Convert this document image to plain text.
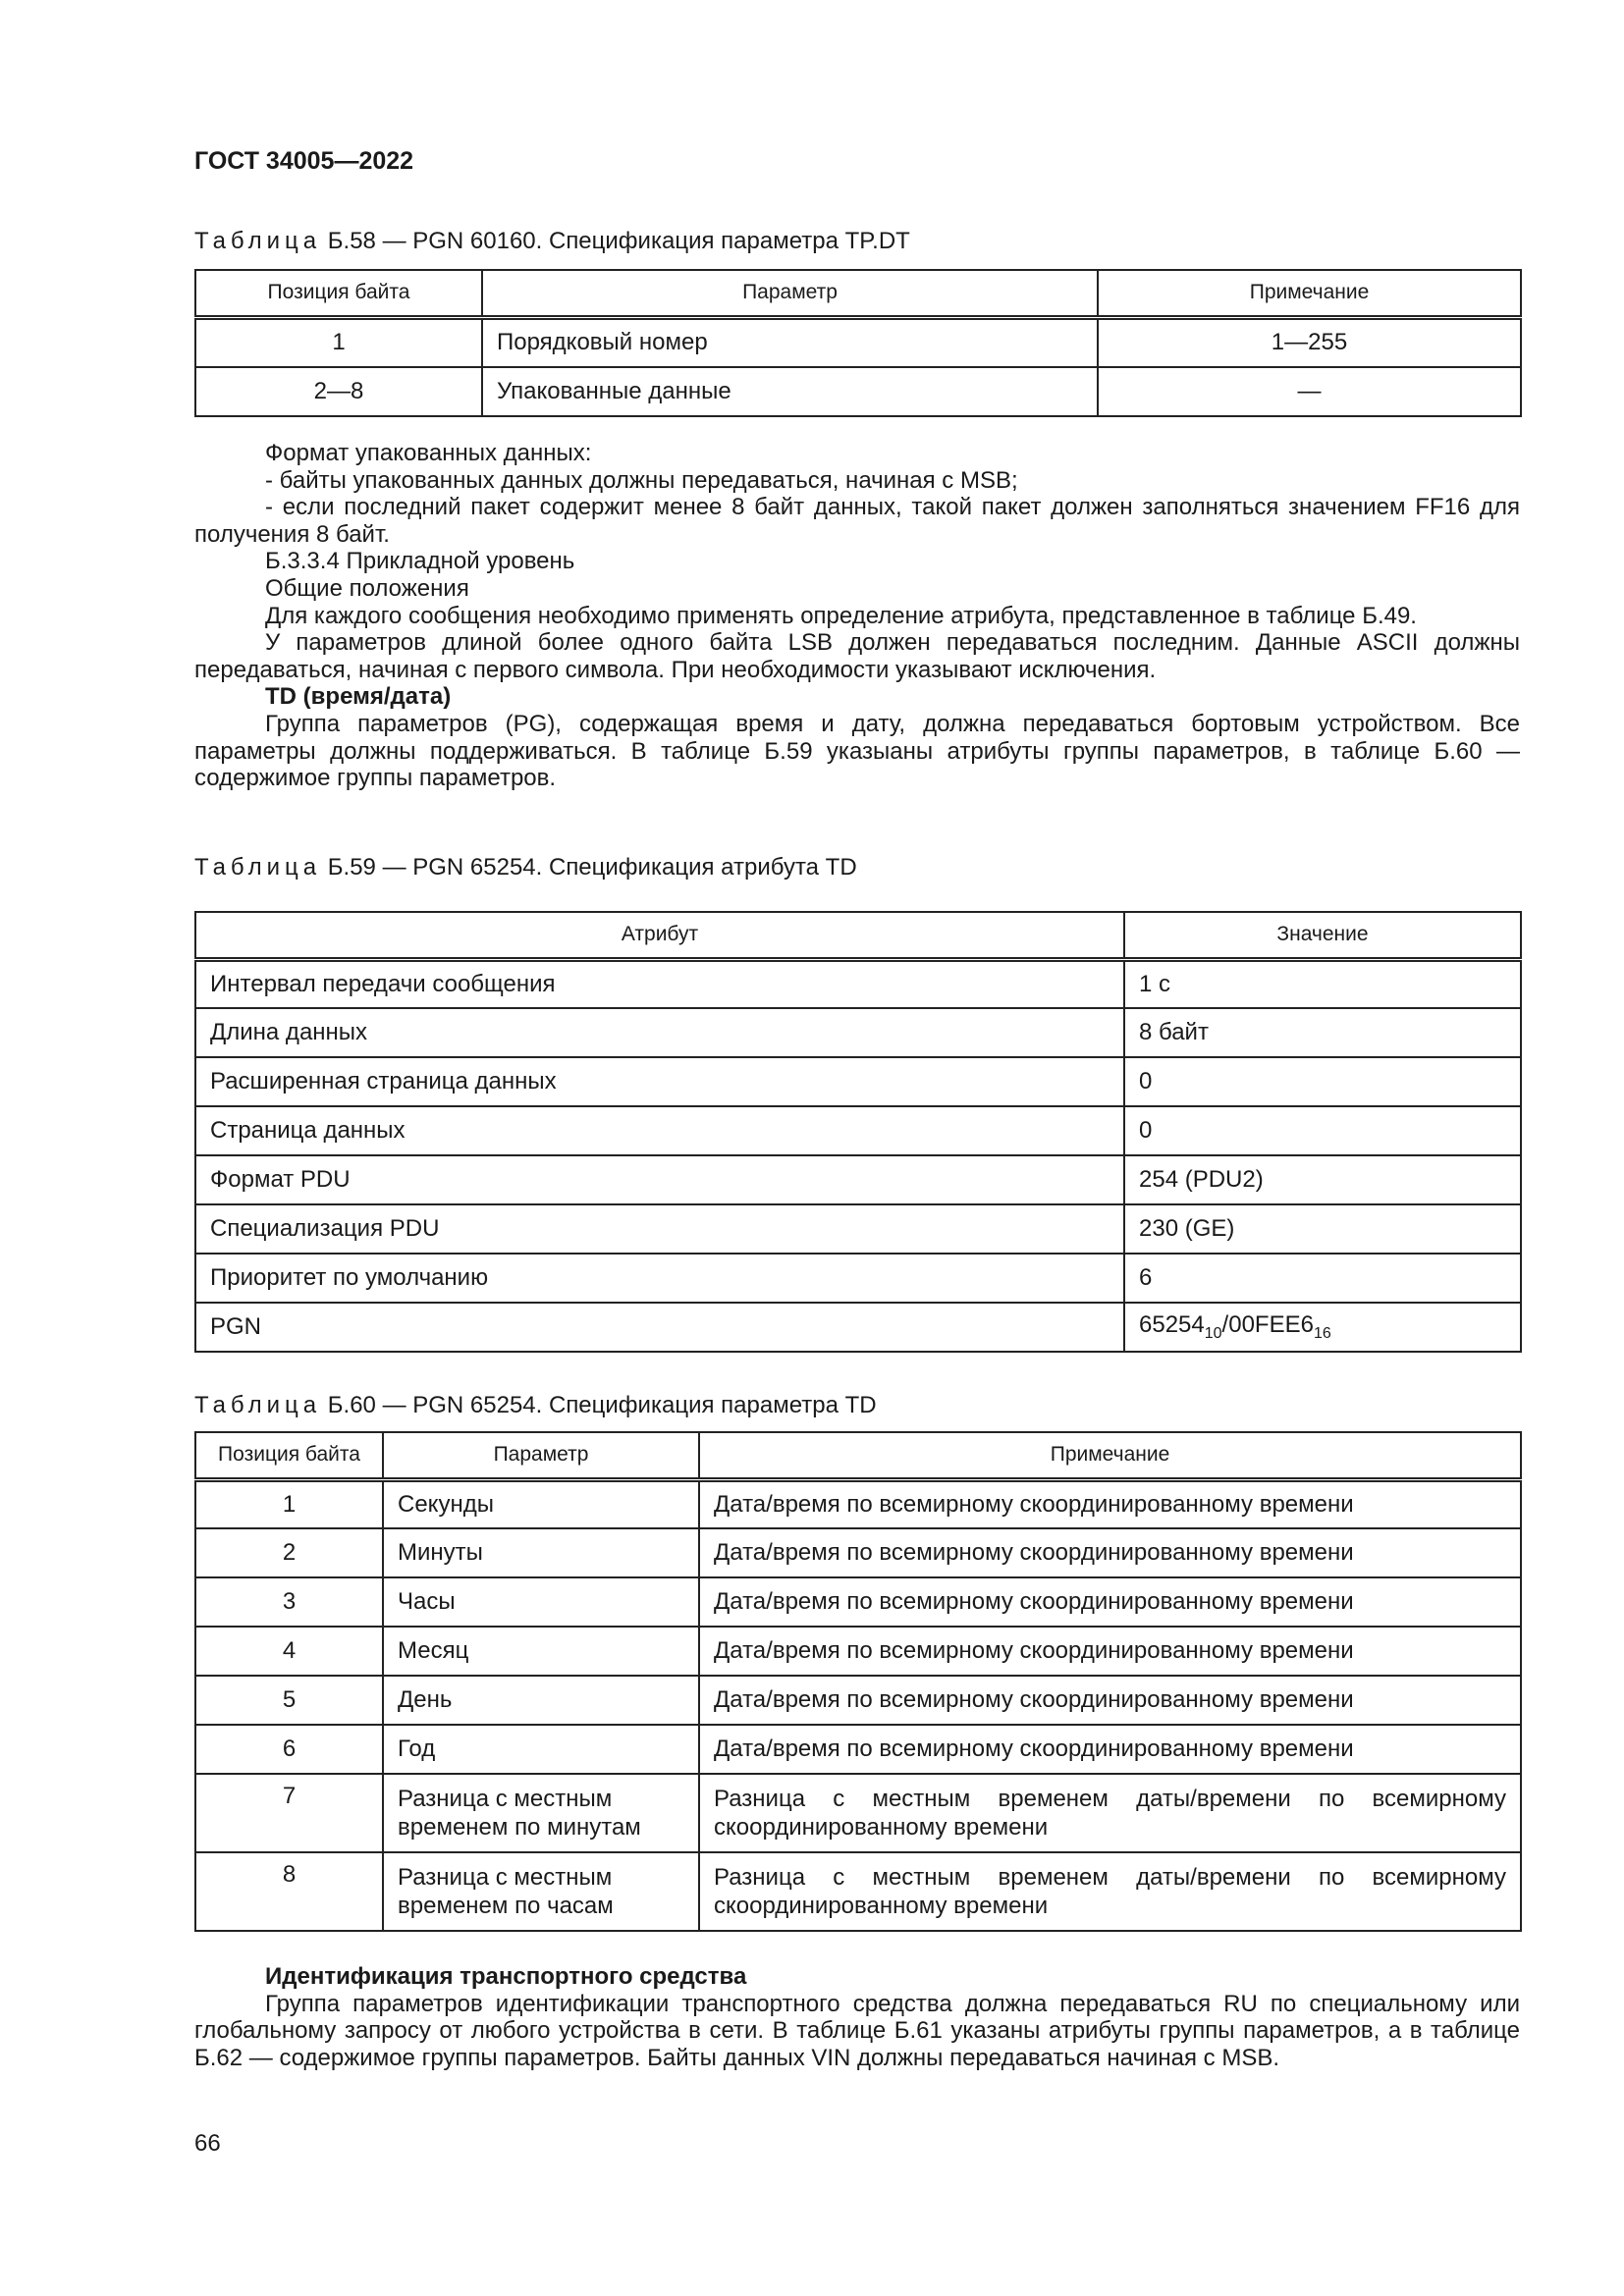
ГОСТ 34005—2022
Таблица Б.58 — PGN 60160. Спецификация параметра TP.DT
Позиция байта	Параметр	Примечание
1	Порядковый номер	1—255
2—8	Упакованные данные	—

Формат упакованных данных:

- байты упакованных данных должны передаваться, начиная с MSB;

- если последний пакет содержит менее 8 байт данных, такой пакет должен заполняться значением FF16 для получения 8 байт.

Б.3.3.4 Прикладной уровень

Общие положения

Для каждого сообщения необходимо применять определение атрибута, представленное в таблице Б.49.

У параметров длиной более одного байта LSB должен передаваться последним. Данные ASCII должны передаваться, начиная с первого символа. При необходимости указывают исключения.

TD (время/дата)

Группа параметров (PG), содержащая время и дату, должна передаваться бортовым устройством. Все параметры должны поддерживаться. В таблице Б.59 указыаны атрибуты группы параметров, в таблице Б.60 — содержимое группы параметров.

Таблица Б.59 — PGN 65254. Спецификация атрибута TD
Атрибут	Значение
Интервал передачи сообщения	1 с
Длина данных	8 байт
Расширенная страница данных	0
Страница данных	0
Формат PDU	254 (PDU2)
Специализация PDU	230 (GE)
Приоритет по умолчанию	6
PGN	$65254_{10}/00FEE6_{16}$
Таблица Б.60 — PGN 65254. Спецификация параметра TD
Позиция байта	Параметр	Примечание
1	Секунды	Дата/время по всемирному скоординированному времени
2	Минуты	Дата/время по всемирному скоординированному времени
3	Часы	Дата/время по всемирному скоординированному времени
4	Месяц	Дата/время по всемирному скоординированному времени
5	День	Дата/время по всемирному скоординированному времени
6	Год	Дата/время по всемирному скоординированному времени
7	Разница с местным временем по минутам	Разница с местным временем даты/времени по всемирному скоординированному времени
8	Разница с местным временем по часам	Разница с местным временем даты/времени по всемирному скоординированному времени

Идентификация транспортного средства

Группа параметров идентификации транспортного средства должна передаваться RU по специальному или глобальному запросу от любого устройства в сети. В таблице Б.61 указаны атрибуты группы параметров, а в таблице Б.62 — содержимое группы параметров. Байты данных VIN должны передаваться начиная с MSB.

66
